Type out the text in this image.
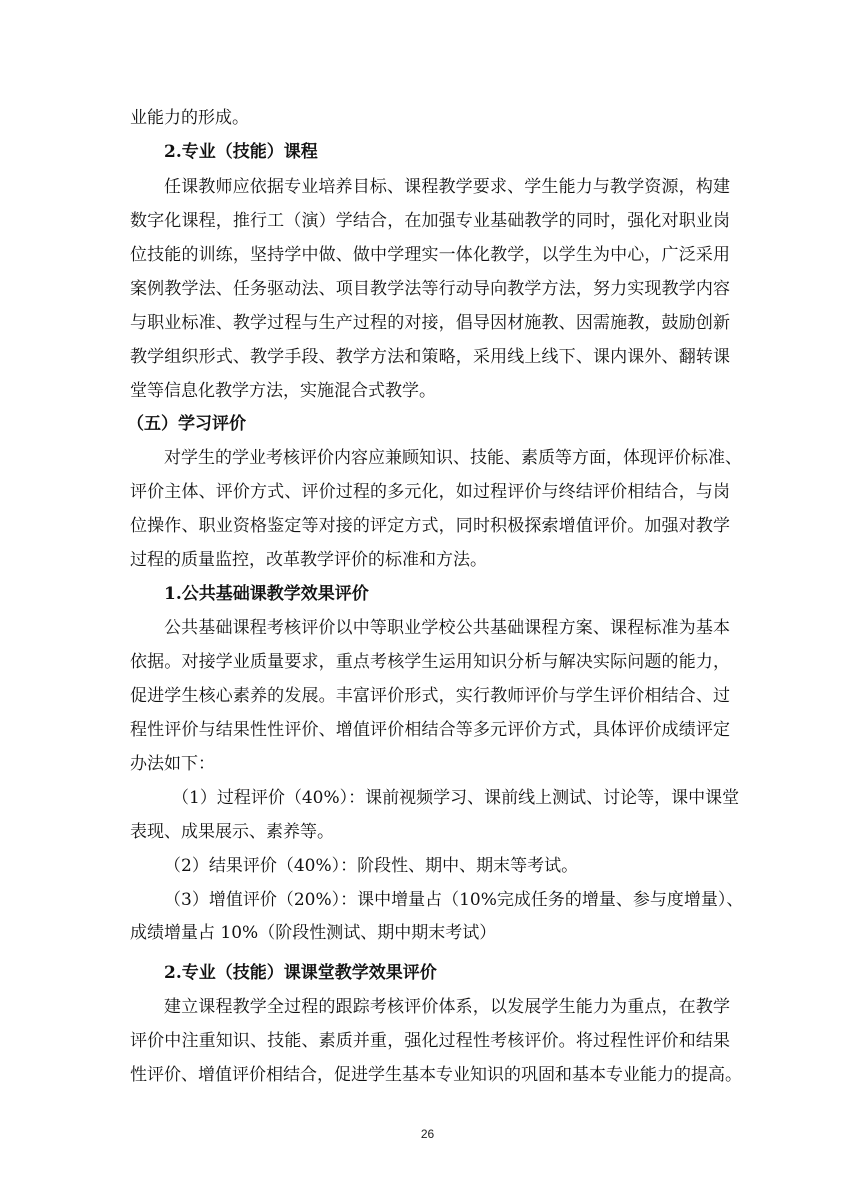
业能力的形成。
2.专业（技能）课程
任课教师应依据专业培养目标、课程教学要求、学生能力与教学资源，构建
数字化课程，推行工（演）学结合，在加强专业基础教学的同时，强化对职业岗
位技能的训练，坚持学中做、做中学理实一体化教学，以学生为中心，广泛采用
案例教学法、任务驱动法、项目教学法等行动导向教学方法，努力实现教学内容
与职业标准、教学过程与生产过程的对接，倡导因材施教、因需施教，鼓励创新
教学组织形式、教学手段、教学方法和策略，采用线上线下、课内课外、翻转课
堂等信息化教学方法，实施混合式教学。
（五）学习评价
对学生的学业考核评价内容应兼顾知识、技能、素质等方面，体现评价标准、
评价主体、评价方式、评价过程的多元化，如过程评价与终结评价相结合，与岗
位操作、职业资格鉴定等对接的评定方式，同时积极探索增值评价。加强对教学
过程的质量监控，改革教学评价的标准和方法。
1.公共基础课教学效果评价
公共基础课程考核评价以中等职业学校公共基础课程方案、课程标准为基本
依据。对接学业质量要求，重点考核学生运用知识分析与解决实际问题的能力，
促进学生核心素养的发展。丰富评价形式，实行教师评价与学生评价相结合、过
程性评价与结果性性评价、增值评价相结合等多元评价方式，具体评价成绩评定
办法如下：
（1）过程评价（40%）：课前视频学习、课前线上测试、讨论等，课中课堂
表现、成果展示、素养等。
（2）结果评价（40%）：阶段性、期中、期末等考试。
（3）增值评价（20%）：课中增量占（10%完成任务的增量、参与度增量）、
成绩增量占 10%（阶段性测试、期中期末考试）
2.专业（技能）课课堂教学效果评价
建立课程教学全过程的跟踪考核评价体系，以发展学生能力为重点，在教学
评价中注重知识、技能、素质并重，强化过程性考核评价。将过程性评价和结果
性评价、增值评价相结合，促进学生基本专业知识的巩固和基本专业能力的提高。
26
